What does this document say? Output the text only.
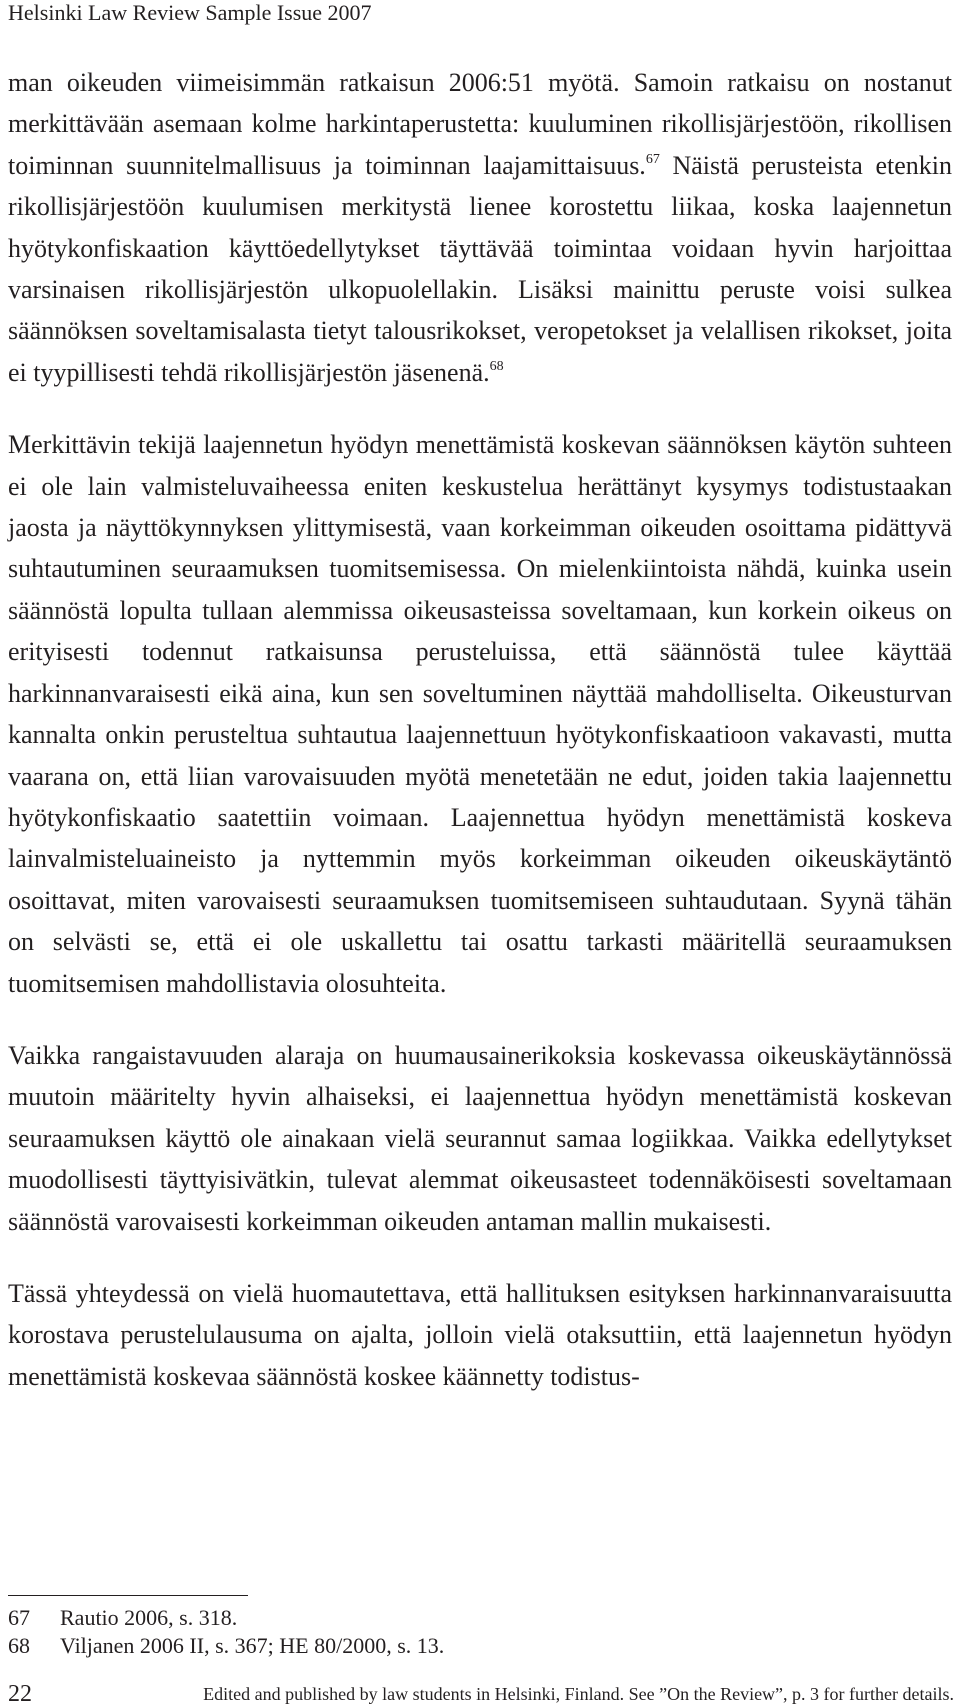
Helsinki Law Review Sample Issue 2007

man oikeuden viimeisimmän ratkaisun 2006:51 myötä. Samoin ratkaisu on nostanut merkittävään asemaan kolme harkintaperustetta: kuuluminen rikollisjärjestöön, rikollisen toiminnan suunnitelmallisuus ja toiminnan laajamittaisuus.$^{67}$ Näistä perusteista etenkin rikollisjärjestöön kuulumisen merkitystä lienee korostettu liikaa, koska laajennetun hyötykonfiskaation käyttöedellytykset täyttävää toimintaa voidaan hyvin harjoittaa varsinaisen rikollisjärjestön ulkopuolellakin. Lisäksi mainittu peruste voisi sulkea säännöksen soveltamisalasta tietyt talousrikokset, veropetokset ja velallisen rikokset, joita ei tyypillisesti tehdä rikollisjärjestön jäsenenä.$^{68}$

Merkittävin tekijä laajennetun hyödyn menettämistä koskevan säännöksen käytön suhteen ei ole lain valmisteluvaiheessa eniten keskustelua herättänyt kysymys todistustaakan jaosta ja näyttökynnyksen ylittymisestä, vaan korkeimman oikeuden osoittama pidättyvä suhtautuminen seuraamuksen tuomitsemisessa. On mielenkiintoista nähdä, kuinka usein säännöstä lopulta tullaan alemmissa oikeusasteissa soveltamaan, kun korkein oikeus on erityisesti todennut ratkaisunsa perusteluissa, että säännöstä tulee käyttää harkinnanvaraisesti eikä aina, kun sen soveltuminen näyttää mahdolliselta. Oikeusturvan kannalta onkin perusteltua suhtautua laajennettuun hyötykonfiskaatioon vakavasti, mutta vaarana on, että liian varovaisuuden myötä menetetään ne edut, joiden takia laajennettu hyötykonfiskaatio saatettiin voimaan. Laajennettua hyödyn menettämistä koskeva lainvalmisteluaineisto ja nyttemmin myös korkeimman oikeuden oikeuskäytäntö osoittavat, miten varovaisesti seuraamuksen tuomitsemiseen suhtaudutaan. Syynä tähän on selvästi se, että ei ole uskallettu tai osattu tarkasti määritellä seuraamuksen tuomitsemisen mahdollistavia olosuhteita.

Vaikka rangaistavuuden alaraja on huumausainerikoksia koskevassa oikeuskäytännössä muutoin määritelty hyvin alhaiseksi, ei laajennettua hyödyn menettämistä koskevan seuraamuksen käyttö ole ainakaan vielä seurannut samaa logiikkaa. Vaikka edellytykset muodollisesti täyttyisivätkin, tulevat alemmat oikeusasteet todennäköisesti soveltamaan säännöstä varovaisesti korkeimman oikeuden antaman mallin mukaisesti.

Tässä yhteydessä on vielä huomautettava, että hallituksen esityksen harkinnanvaraisuutta korostava perustelulausuma on ajalta, jolloin vielä otaksuttiin, että laajennetun hyödyn menettämistä koskevaa säännöstä koskee käännetty todistus-

67	Rautio 2006, s. 318.
68	Viljanen 2006 II, s. 367; HE 80/2000, s. 13.
22	Edited and published by law students in Helsinki, Finland. See ”On the Review”, p. 3 for further details.
